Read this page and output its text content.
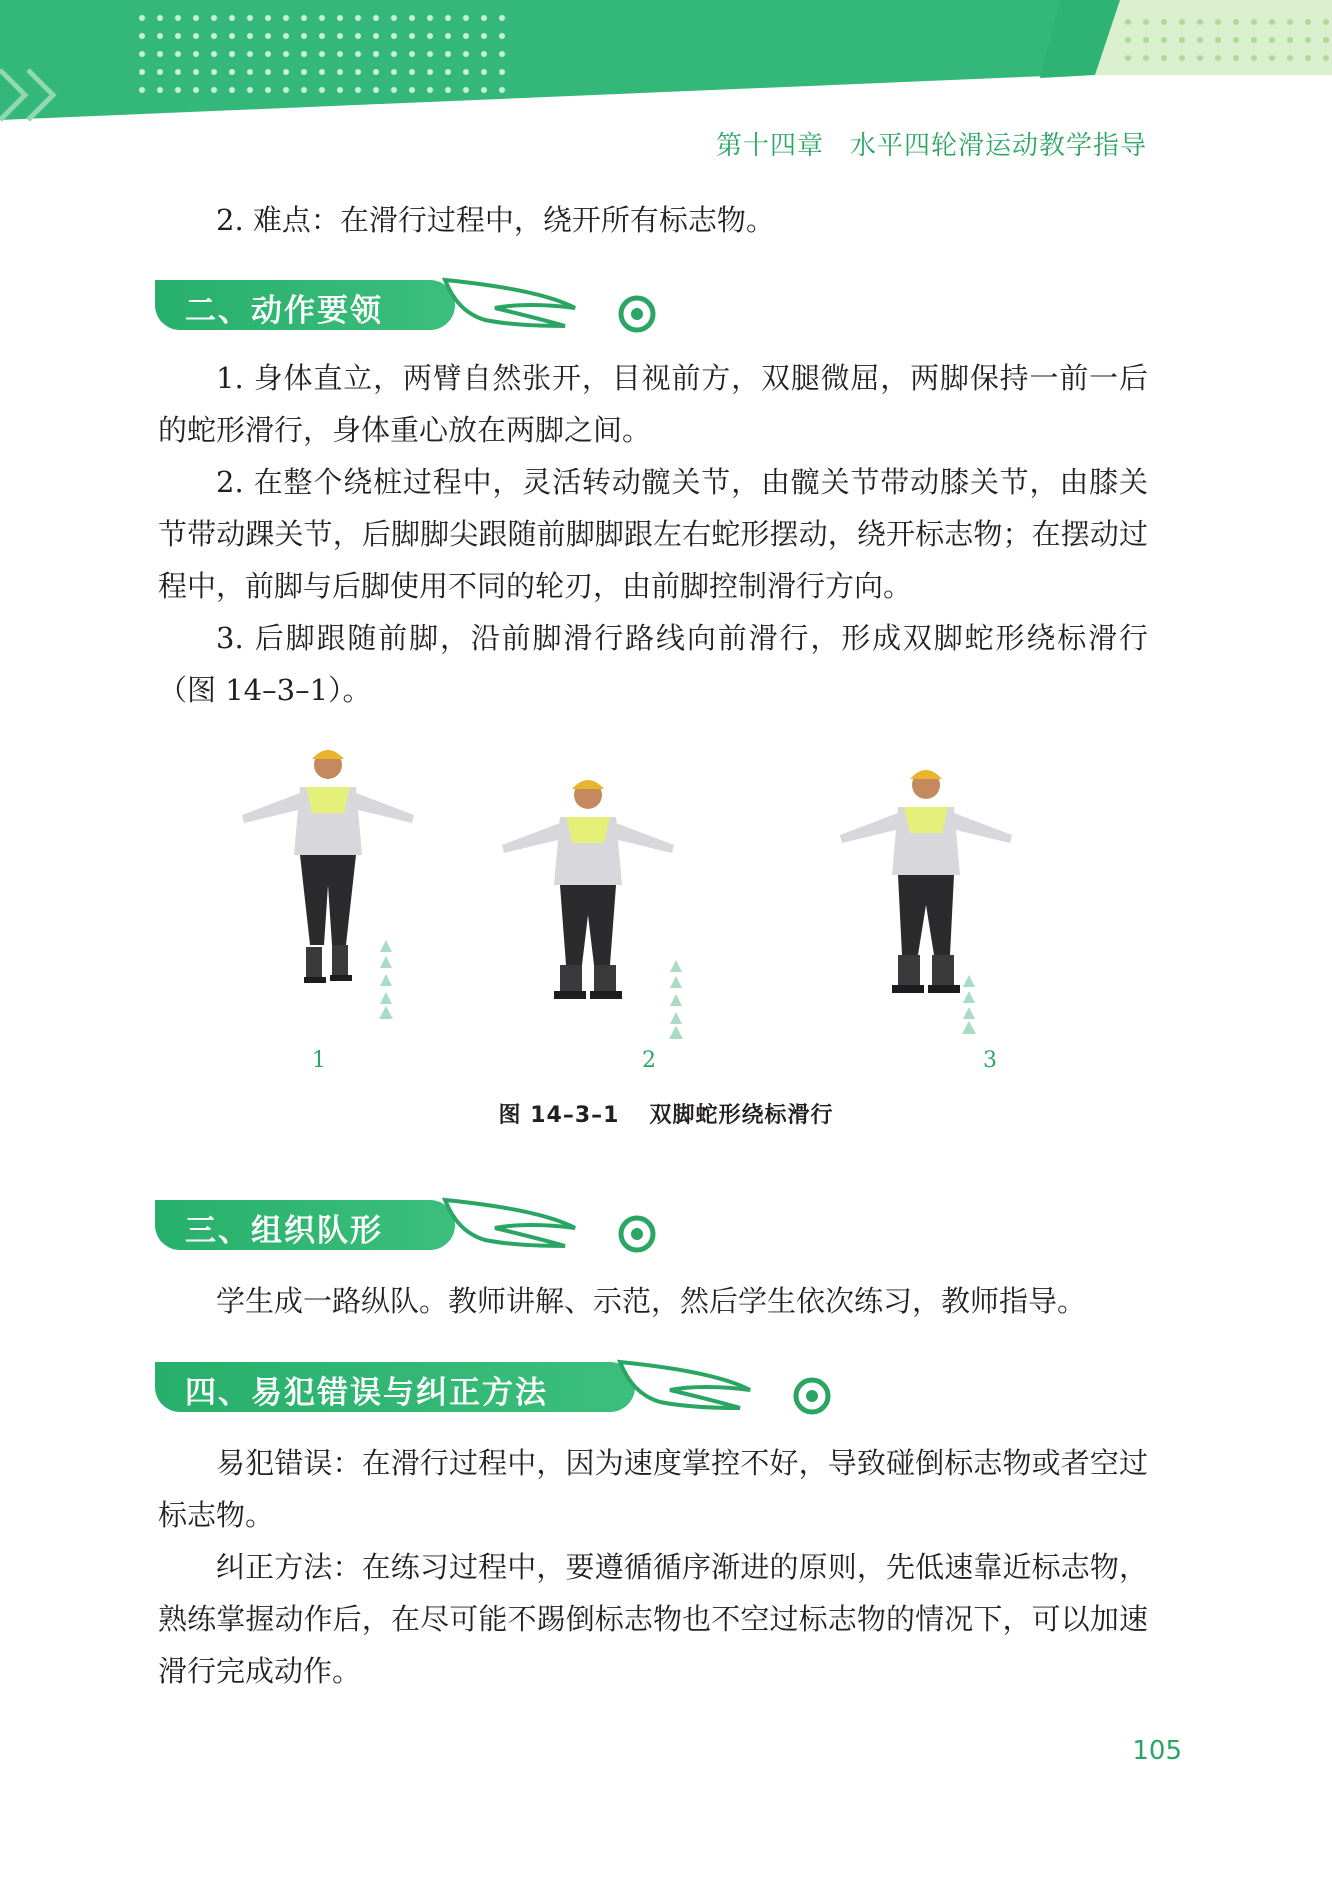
第十四章 水平四轮滑运动教学指导

2. 难点：在滑行过程中，绕开所有标志物。

二、动作要领

1. 身体直立，两臂自然张开，目视前方，双腿微屈，两脚保持一前一后的蛇形滑行，身体重心放在两脚之间。

2. 在整个绕桩过程中，灵活转动髋关节，由髋关节带动膝关节，由膝关节带动踝关节，后脚脚尖跟随前脚脚跟左右蛇形摆动，绕开标志物；在摆动过程中，前脚与后脚使用不同的轮刃，由前脚控制滑行方向。

3. 后脚跟随前脚，沿前脚滑行路线向前滑行，形成双脚蛇形绕标滑行（图 14–3–1）。

1	2	3
图 14–3–1 双脚蛇形绕标滑行
三、组织队形

学生成一路纵队。教师讲解、示范，然后学生依次练习，教师指导。

四、易犯错误与纠正方法

易犯错误：在滑行过程中，因为速度掌控不好，导致碰倒标志物或者空过标志物。

纠正方法：在练习过程中，要遵循循序渐进的原则，先低速靠近标志物，熟练掌握动作后，在尽可能不踢倒标志物也不空过标志物的情况下，可以加速滑行完成动作。

105
